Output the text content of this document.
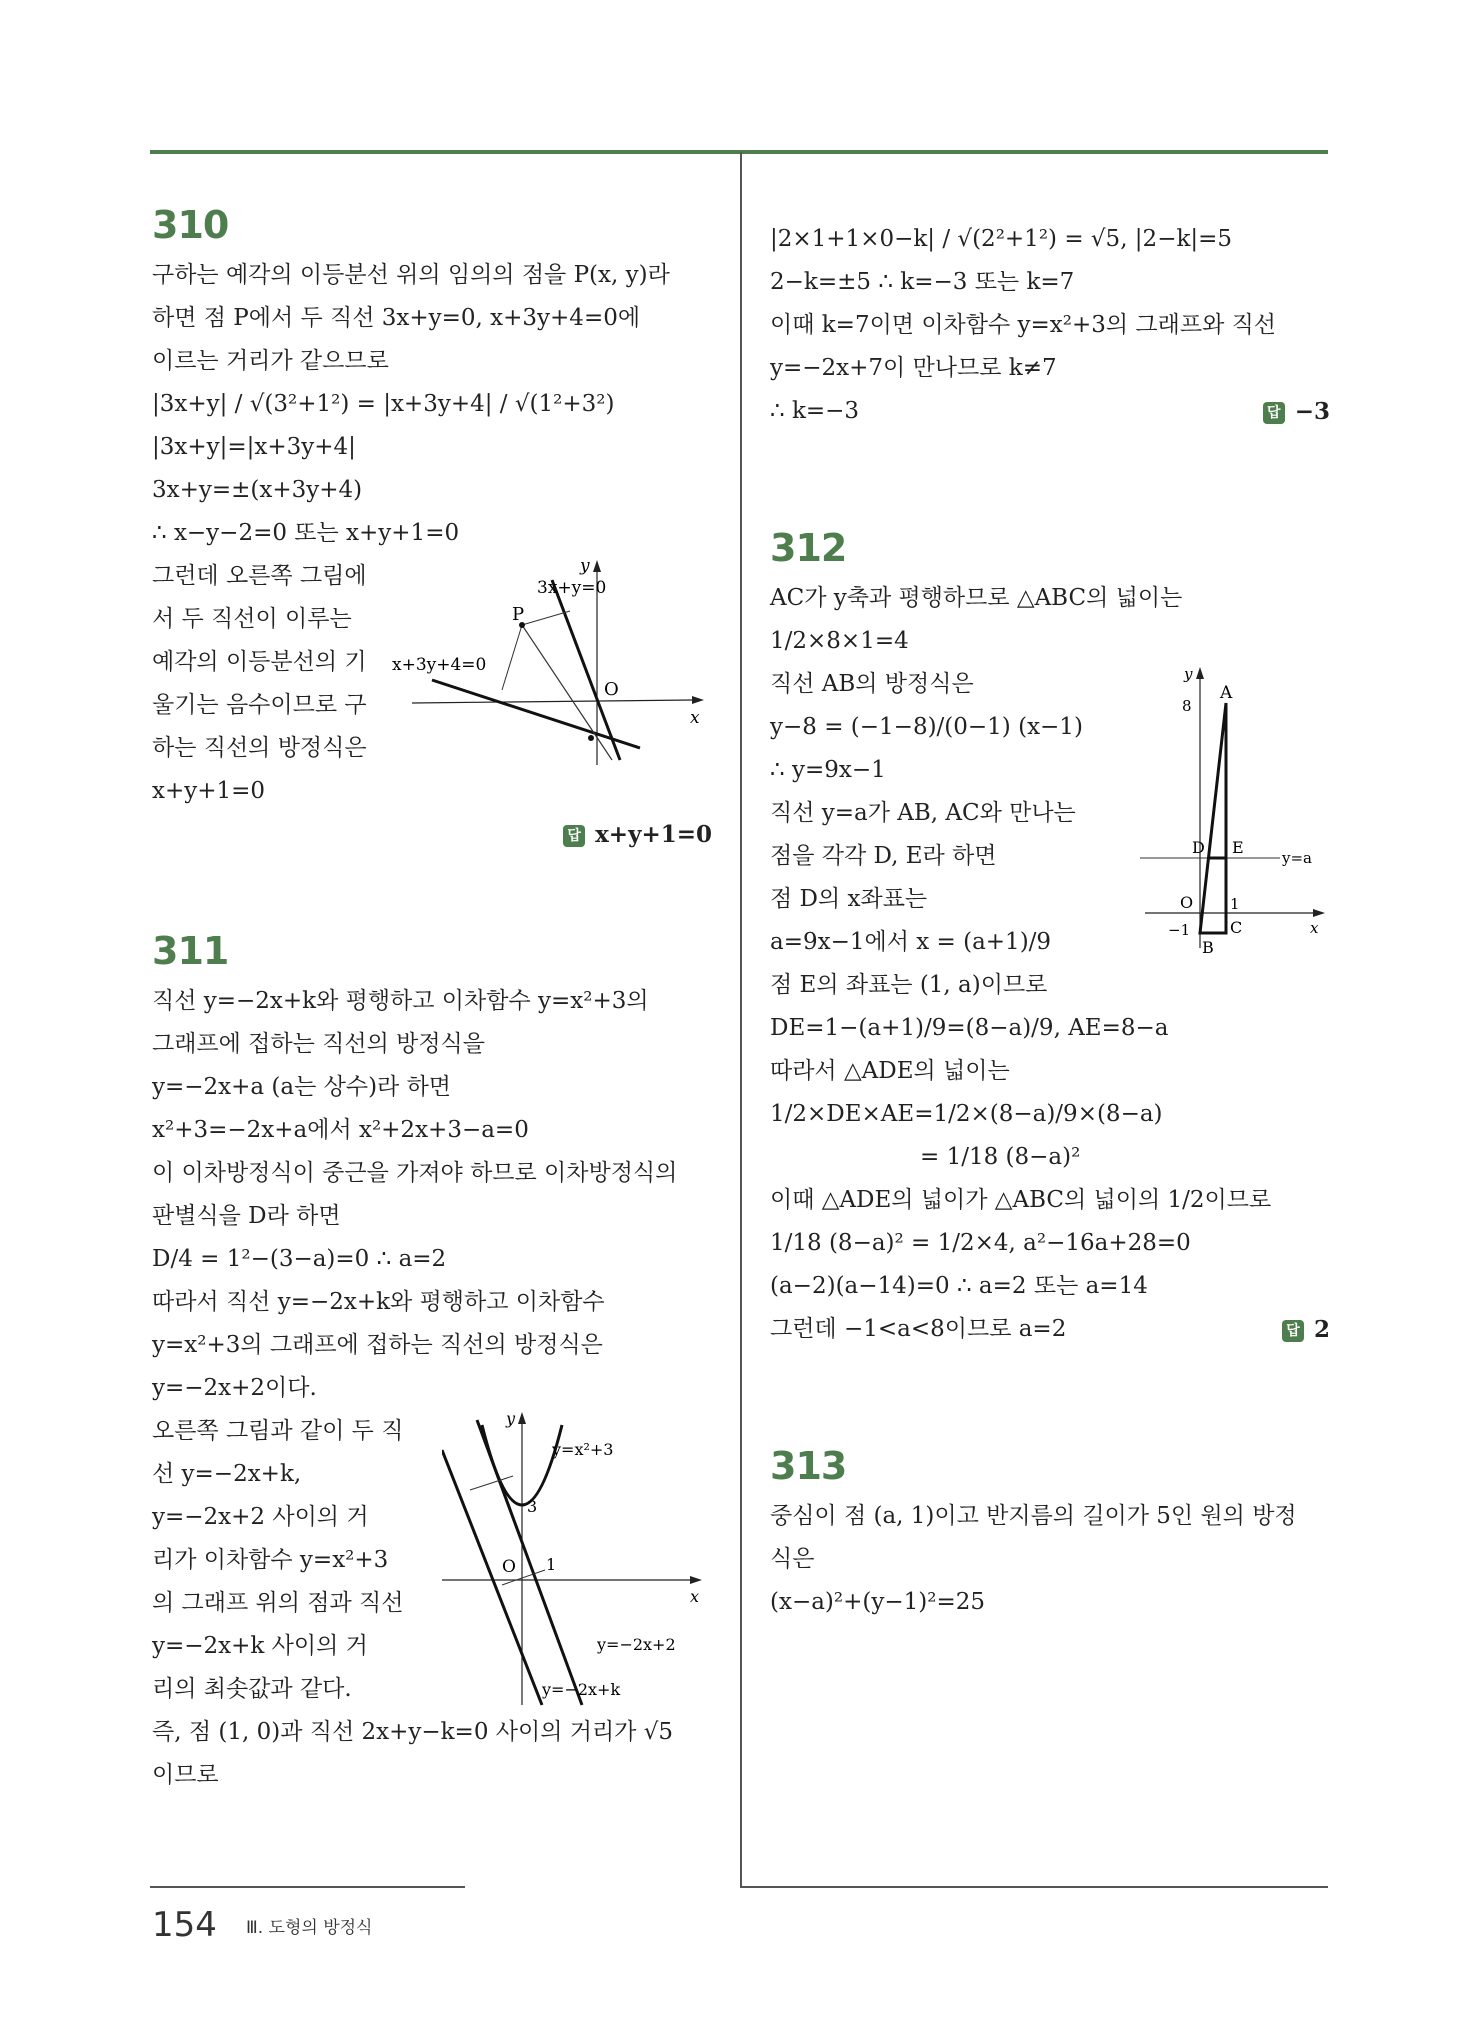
310
구하는 예각의 이등분선 위의 임의의 점을 P(x, y)라
하면 점 P에서 두 직선 3x+y=0, x+3y+4=0에
이르는 거리가 같으므로
|3x+y| / √(3²+1²) = |x+3y+4| / √(1²+3²)
|3x+y|=|x+3y+4|
3x+y=±(x+3y+4)
∴ x−y−2=0 또는 x+y+1=0
그런데 오른쪽 그림에
서 두 직선이 이루는
예각의 이등분선의 기
울기는 음수이므로 구
하는 직선의 방정식은
x+y+1=0
3x+y=0
x+3y+4=0
P
O
x
y
답 x+y+1=0
311
직선 y=−2x+k와 평행하고 이차함수 y=x²+3의
그래프에 접하는 직선의 방정식을
y=−2x+a (a는 상수)라 하면
x²+3=−2x+a에서 x²+2x+3−a=0
이 이차방정식이 중근을 가져야 하므로 이차방정식의
판별식을 D라 하면
D/4 = 1²−(3−a)=0 ∴ a=2
따라서 직선 y=−2x+k와 평행하고 이차함수
y=x²+3의 그래프에 접하는 직선의 방정식은
y=−2x+2이다.
오른쪽 그림과 같이 두 직
선 y=−2x+k,
y=−2x+2 사이의 거
리가 이차함수 y=x²+3
의 그래프 위의 점과 직선
y=−2x+k 사이의 거
리의 최솟값과 같다.
y=x²+3
y=−2x+2
y=−2x+k
3
1
O
x
y
즉, 점 (1, 0)과 직선 2x+y−k=0 사이의 거리가 √5
이므로
|2×1+1×0−k| / √(2²+1²) = √5, |2−k|=5
2−k=±5 ∴ k=−3 또는 k=7
이때 k=7이면 이차함수 y=x²+3의 그래프와 직선
y=−2x+7이 만나므로 k≠7
∴ k=−3	답 −3
312
AC가 y축과 평행하므로 △ABC의 넓이는
1/2×8×1=4
직선 AB의 방정식은
y−8 = (−1−8)/(0−1) (x−1)
∴ y=9x−1
직선 y=a가 AB, AC와 만나는
점을 각각 D, E라 하면
점 D의 x좌표는
a=9x−1에서 x = (a+1)/9
A
B
C
D E
O
8
1
−1
y=a
x
y
점 E의 좌표는 (1, a)이므로
DE=1−(a+1)/9=(8−a)/9, AE=8−a
따라서 △ADE의 넓이는
1/2×DE×AE=1/2×(8−a)/9×(8−a)
= 1/18 (8−a)²
이때 △ADE의 넓이가 △ABC의 넓이의 1/2이므로
1/18 (8−a)² = 1/2×4, a²−16a+28=0
(a−2)(a−14)=0 ∴ a=2 또는 a=14
그런데 −1<a<8이므로 a=2	답 2
313
중심이 점 (a, 1)이고 반지름의 길이가 5인 원의 방정
식은
(x−a)²+(y−1)²=25
154 Ⅲ. 도형의 방정식
